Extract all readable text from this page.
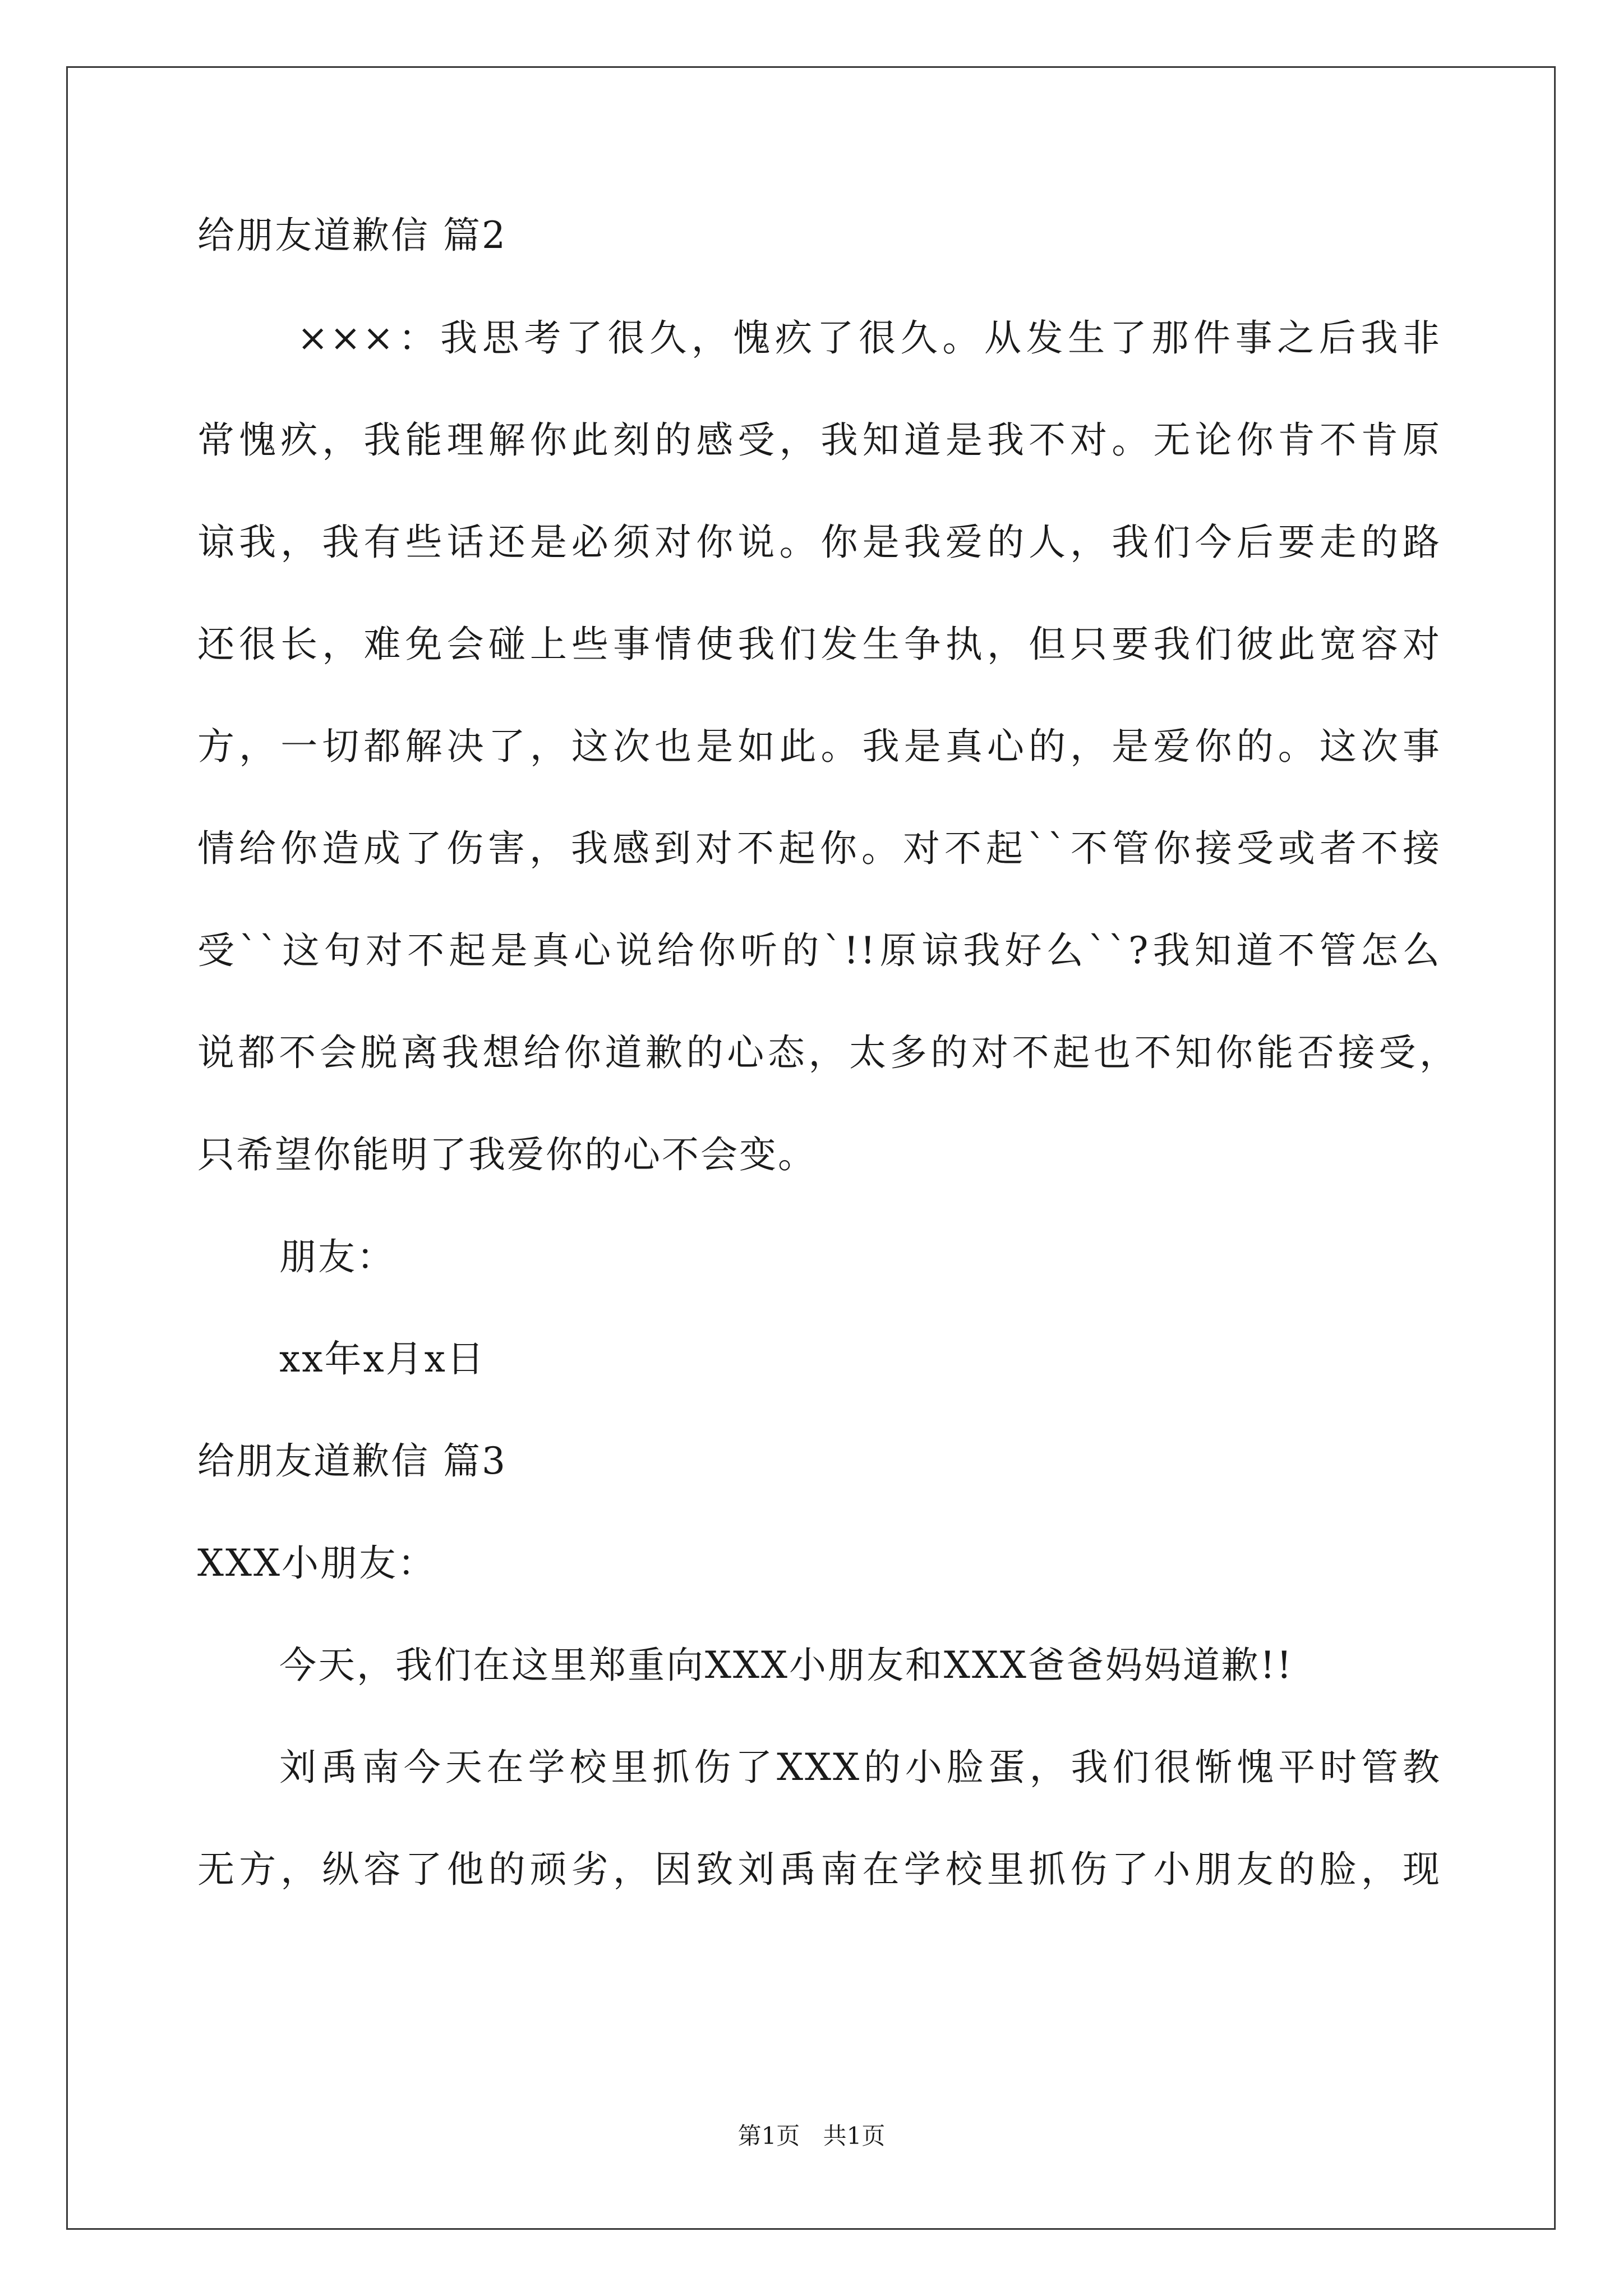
给朋友道歉信 篇2
×××：我思考了很久，愧疚了很久。从发生了那件事之后我非
常愧疚，我能理解你此刻的感受，我知道是我不对。无论你肯不肯原
谅我，我有些话还是必须对你说。你是我爱的人，我们今后要走的路
还很长，难免会碰上些事情使我们发生争执，但只要我们彼此宽容对
方，一切都解决了，这次也是如此。我是真心的，是爱你的。这次事
情给你造成了伤害，我感到对不起你。对不起``不管你接受或者不接
受``这句对不起是真心说给你听的`!!原谅我好么``?我知道不管怎么
说都不会脱离我想给你道歉的心态，太多的对不起也不知你能否接受，
只希望你能明了我爱你的心不会变。
朋友：
xx年x月x日
给朋友道歉信 篇3
XXX小朋友：
今天，我们在这里郑重向XXX小朋友和XXX爸爸妈妈道歉!!
刘禹南今天在学校里抓伤了XXX的小脸蛋，我们很惭愧平时管教
无方，纵容了他的顽劣，因致刘禹南在学校里抓伤了小朋友的脸，现
第1页 共1页
